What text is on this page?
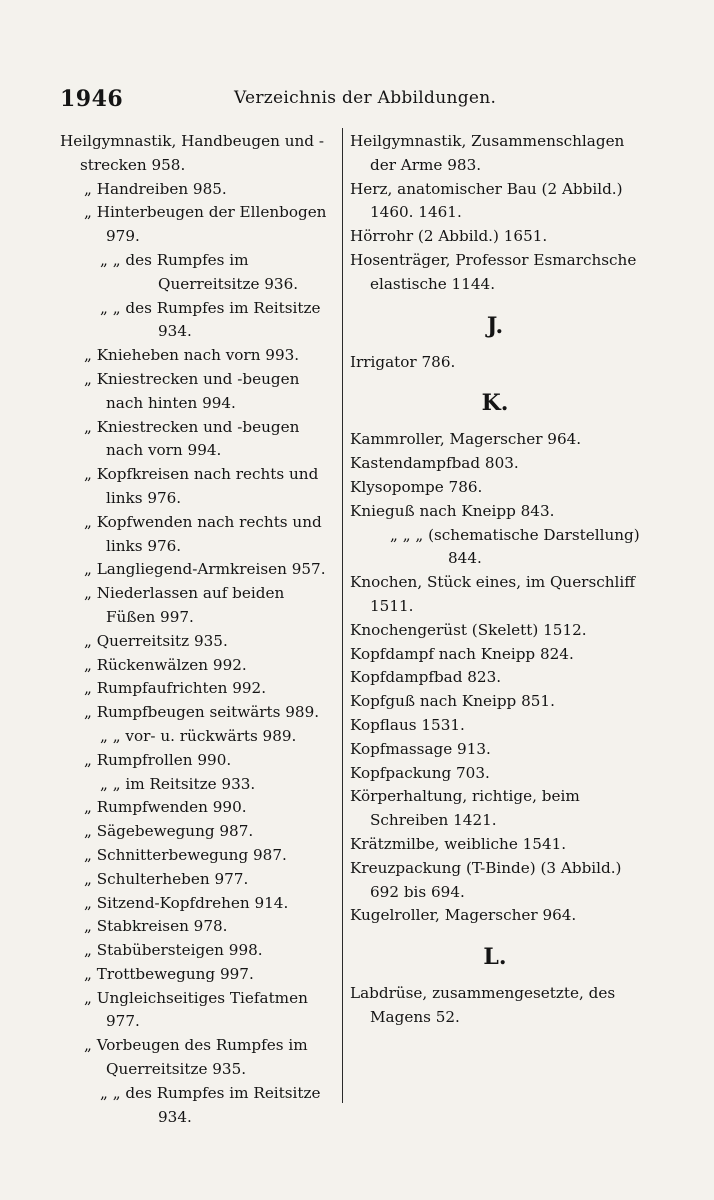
1946	Verzeichnis der Abbildungen.

Heilgymnastik, Handbeugen und -strecken 958.

„ Handreiben 985.

„ Hinterbeugen der Ellenbogen 979.

„ „ des Rumpfes im Querreitsitze 936.

„ „ des Rumpfes im Reitsitze 934.

„ Knieheben nach vorn 993.

„ Kniestrecken und -beugen nach hinten 994.

„ Kniestrecken und -beugen nach vorn 994.

„ Kopfkreisen nach rechts und links 976.

„ Kopfwenden nach rechts und links 976.

„ Langliegend-Armkreisen 957.

„ Niederlassen auf beiden Füßen 997.

„ Querreitsitz 935.

„ Rückenwälzen 992.

„ Rumpfaufrichten 992.

„ Rumpfbeugen seitwärts 989.

„ „ vor- u. rückwärts 989.

„ Rumpfrollen 990.

„ „ im Reitsitze 933.

„ Rumpfwenden 990.

„ Sägebewegung 987.

„ Schnitterbewegung 987.

„ Schulterheben 977.

„ Sitzend-Kopfdrehen 914.

„ Stabkreisen 978.

„ Stabübersteigen 998.

„ Trottbewegung 997.

„ Ungleichseitiges Tiefatmen 977.

„ Vorbeugen des Rumpfes im Querreitsitze 935.

„ „ des Rumpfes im Reitsitze 934.

Heilgymnastik, Zusammenschlagen der Arme 983.

Herz, anatomischer Bau (2 Abbild.) 1460. 1461.

Hörrohr (2 Abbild.) 1651.

Hosenträger, Professor Esmarchsche elastische 1144.

J.

Irrigator 786.

K.

Kammroller, Magerscher 964.

Kastendampfbad 803.

Klysopompe 786.

Knieguß nach Kneipp 843.

„ „ „ (schematische Darstellung) 844.

Knochen, Stück eines, im Querschliff 1511.

Knochengerüst (Skelett) 1512.

Kopfdampf nach Kneipp 824.

Kopfdampfbad 823.

Kopfguß nach Kneipp 851.

Kopflaus 1531.

Kopfmassage 913.

Kopfpackung 703.

Körperhaltung, richtige, beim Schreiben 1421.

Krätzmilbe, weibliche 1541.

Kreuzpackung (T-Binde) (3 Abbild.) 692 bis 694.

Kugelroller, Magerscher 964.

L.

Labdrüse, zusammengesetzte, des Magens 52.
